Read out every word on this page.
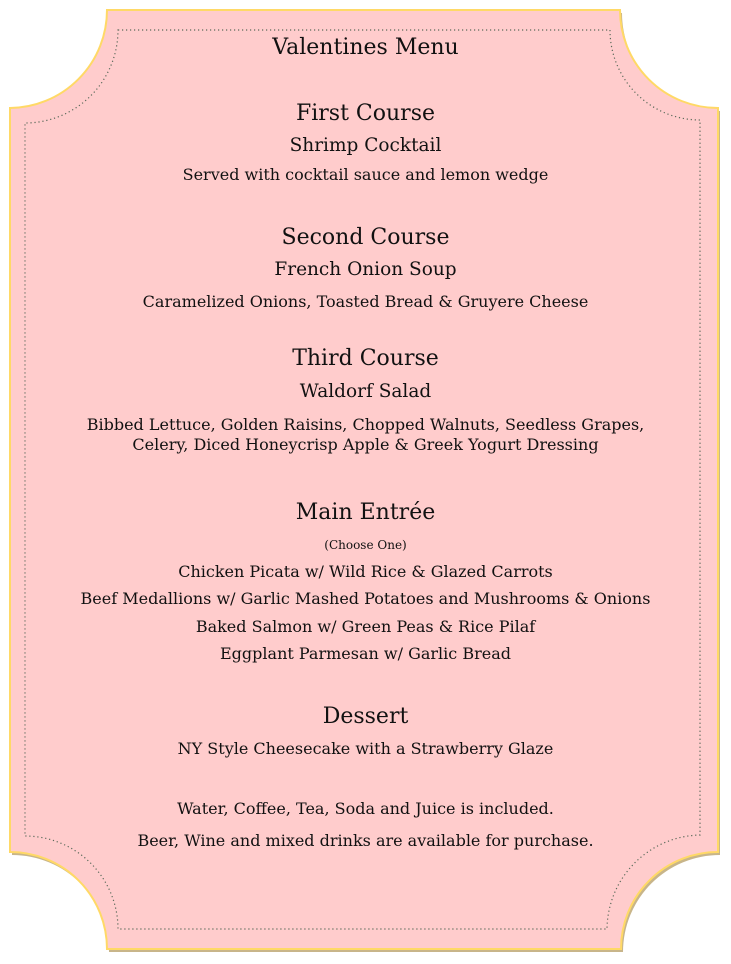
Valentines Menu
First Course
Shrimp Cocktail
Served with cocktail sauce and lemon wedge
Second Course
French Onion Soup
Caramelized Onions, Toasted Bread & Gruyere Cheese
Third Course
Waldorf Salad
Bibbed Lettuce, Golden Raisins, Chopped Walnuts, Seedless Grapes,
Celery, Diced Honeycrisp Apple & Greek Yogurt Dressing
Main Entrée
(Choose One)
Chicken Picata w/ Wild Rice & Glazed Carrots
Beef Medallions w/ Garlic Mashed Potatoes and Mushrooms & Onions
Baked Salmon w/ Green Peas & Rice Pilaf
Eggplant Parmesan w/ Garlic Bread
Dessert
NY Style Cheesecake with a Strawberry Glaze
Water, Coffee, Tea, Soda and Juice is included.
Beer, Wine and mixed drinks are available for purchase.
